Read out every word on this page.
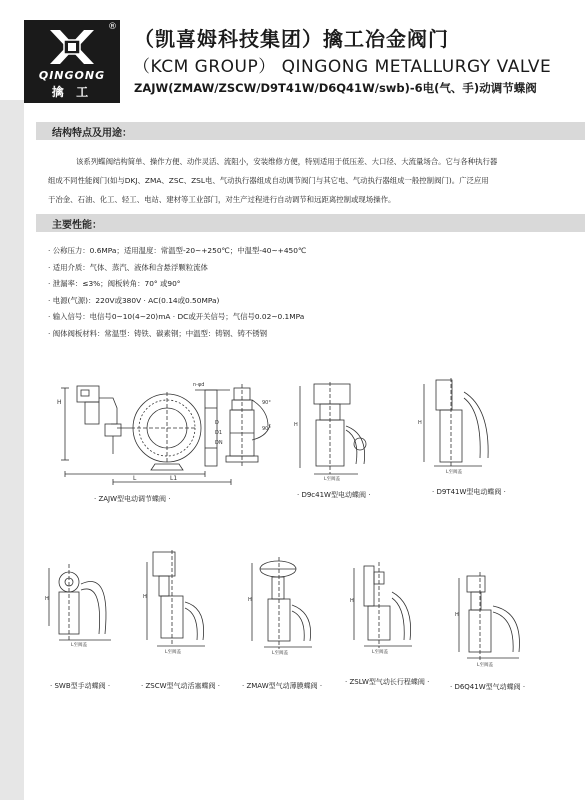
®
QINGONG
擒 工
（凯喜姆科技集团）擒工冶金阀门
（KCM GROUP） QINGONG METALLURGY VALVE
ZAJW(ZMAW/ZSCW/D9T41W/D6Q41W/swb)-6电(气、手)动调节蝶阀
结构特点及用途：

该系列蝶阀结构简单、操作方便、动作灵活、流阻小，安装维修方便，特别适用于低压差、大口径、大流量场合。它与各种执行器

组成不同性能阀门(如与DKJ、ZMA、ZSC、ZSL电、气动执行器组成自动调节阀门与其它电、气动执行器组成一般控制阀门)。广泛应用

于冶金、石油、化工、轻工、电站、建材等工业部门，对生产过程进行自动调节和远距离控制或现场操作。

主要性能：
· 公称压力：0.6MPa；适用温度：常温型-20~+250℃；中温型-40~+450℃
· 适用介质：气体、蒸汽、液体和含悬浮颗粒流体
· 泄漏率：≤3%；阀板转角：70° 或90°
· 电源(气源)：220V或380V · AC(0.14或0.50MPa)
· 输入信号：电信号0~10(4~20)mA · DC或开关信号；气信号0.02~0.1MPa
· 阀体阀板材料：常温型：铸铁、碳素钢；中温型：铸钢、铸不锈钢
H
L	L1
n-φd
90°
90°
D
D1
DN
· ZAJW型电动调节蝶阀 ·
H
L至阀盖
· D9c41W型电动蝶阀 ·
H
L至阀盖
· D9T41W型电动蝶阀 ·
H
L至阀盖
· SWB型手动蝶阀 ·
H
L至阀盖
· ZSCW型气动活塞蝶阀 ·
H
L至阀盖
· ZMAW型气动薄膜蝶阀 ·
H
L至阀盖
· ZSLW型气动长行程蝶阀 ·
H
L至阀盖
· D6Q41W型气动蝶阀 ·
